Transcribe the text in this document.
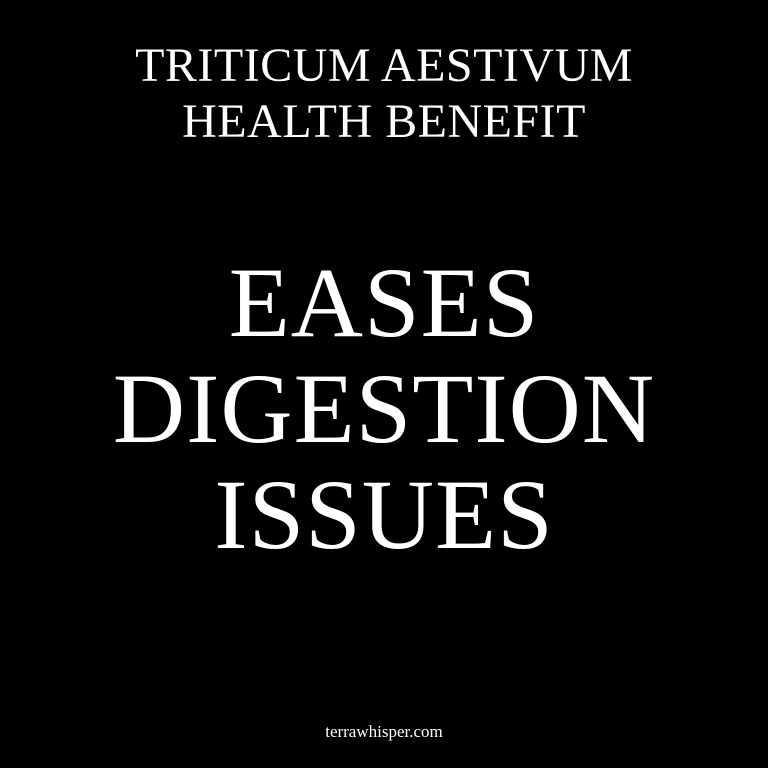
TRITICUM AESTIVUM
HEALTH BENEFIT
EASES
DIGESTION
ISSUES
terrawhisper.com
